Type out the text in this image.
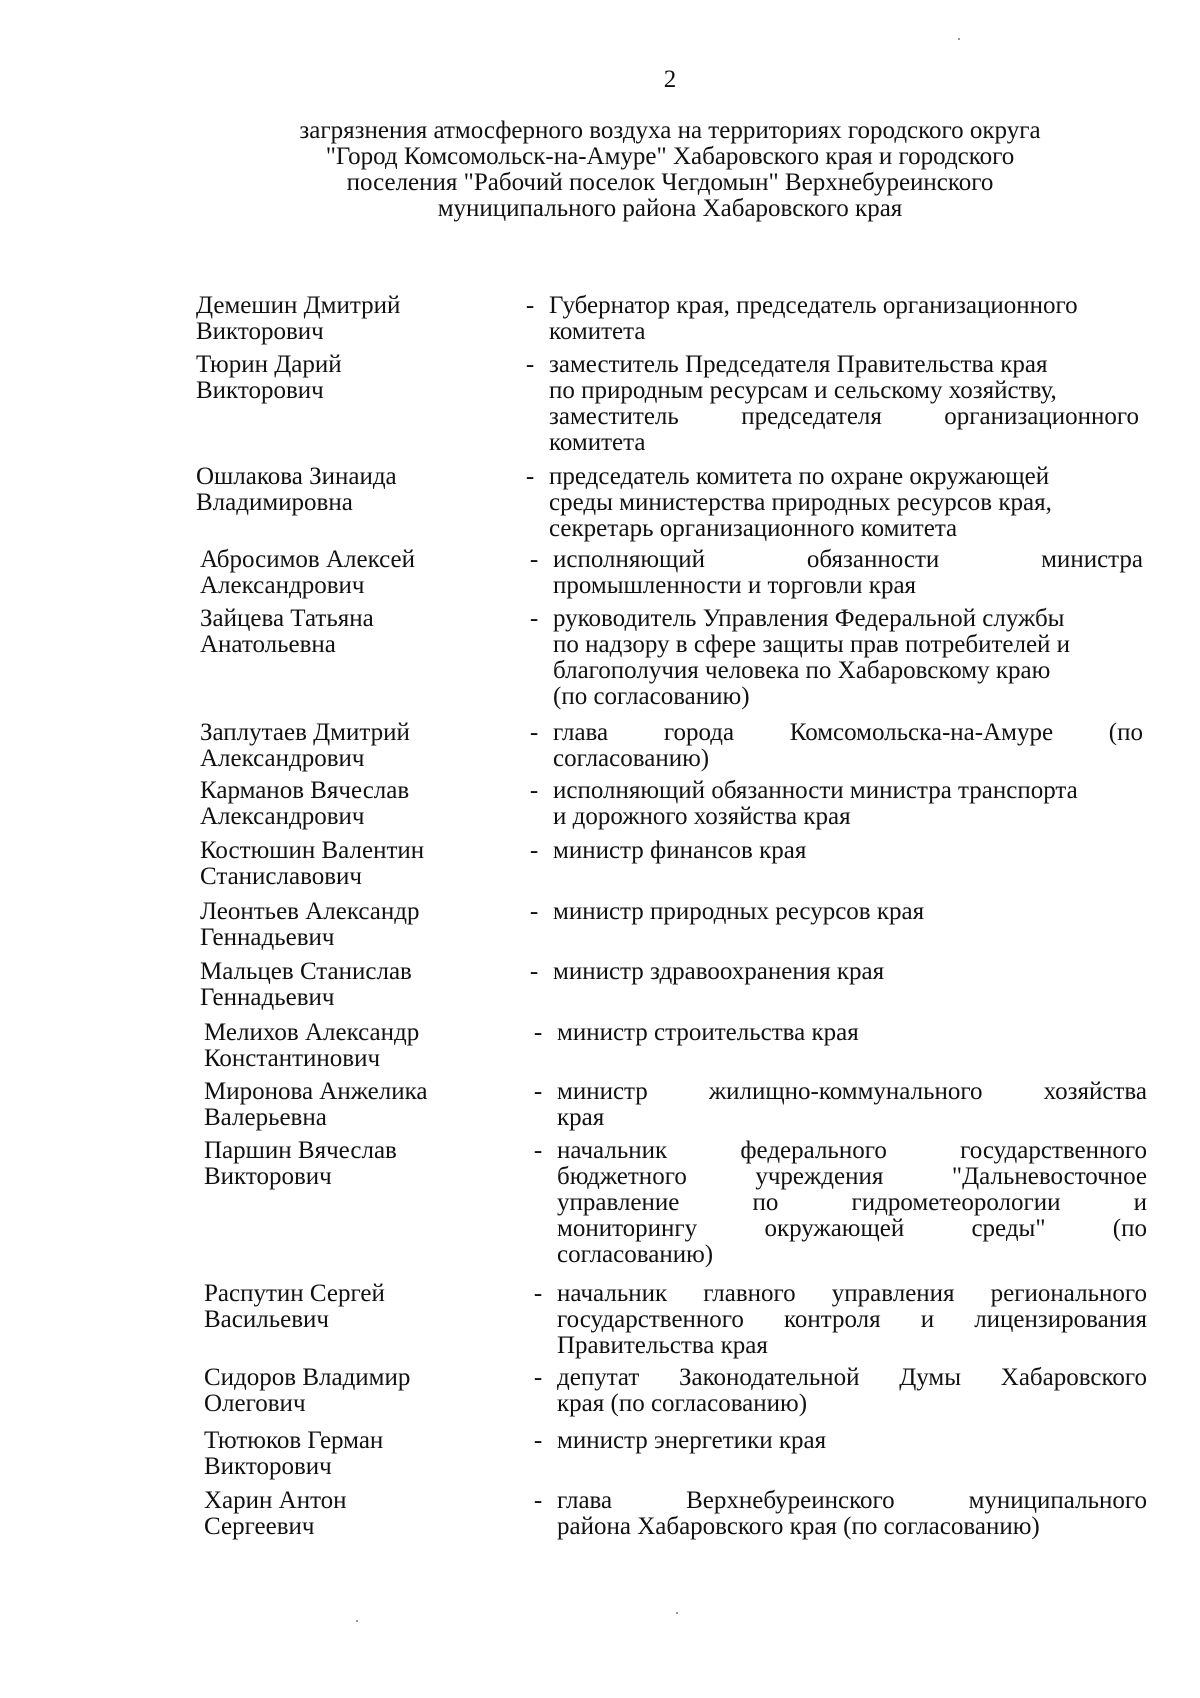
2
загрязнения атмосферного воздуха на территориях городского округа
"Город Комсомольск-на-Амуре" Хабаровского края и городского
поселения "Рабочий поселок Чегдомын" Верхнебуреинского
муниципального района Хабаровского края
Демешин Дмитрий
Викторович
- Губернатор края, председатель организационного
комитета
Тюрин Дарий
Викторович
- заместитель Председателя Правительства края
по природным ресурсам и сельскому хозяйству,
заместитель председателя организационного
комитета
Ошлакова Зинаида
Владимировна
- председатель комитета по охране окружающей
среды министерства природных ресурсов края,
секретарь организационного комитета
Абросимов Алексей
Александрович
- исполняющий обязанности министра
промышленности и торговли края
Зайцева Татьяна
Анатольевна
- руководитель Управления Федеральной службы
по надзору в сфере защиты прав потребителей и
благополучия человека по Хабаровскому краю
(по согласованию)
Заплутаев Дмитрий
Александрович
- глава города Комсомольска-на-Амуре (по
согласованию)
Карманов Вячеслав
Александрович
- исполняющий обязанности министра транспорта
и дорожного хозяйства края
Костюшин Валентин
Станиславович
- министр финансов края
Леонтьев Александр
Геннадьевич
- министр природных ресурсов края
Мальцев Станислав
Геннадьевич
- министр здравоохранения края
Мелихов Александр
Константинович
- министр строительства края
Миронова Анжелика
Валерьевна
- министр жилищно-коммунального хозяйства
края
Паршин Вячеслав
Викторович
- начальник федерального государственного
бюджетного учреждения "Дальневосточное
управление по гидрометеорологии и
мониторингу окружающей среды" (по
согласованию)
Распутин Сергей
Васильевич
- начальник главного управления регионального
государственного контроля и лицензирования
Правительства края
Сидоров Владимир
Олегович
- депутат Законодательной Думы Хабаровского
края (по согласованию)
Тютюков Герман
Викторович
- министр энергетики края
Харин Антон
Сергеевич
- глава Верхнебуреинского муниципального
района Хабаровского края (по согласованию)
